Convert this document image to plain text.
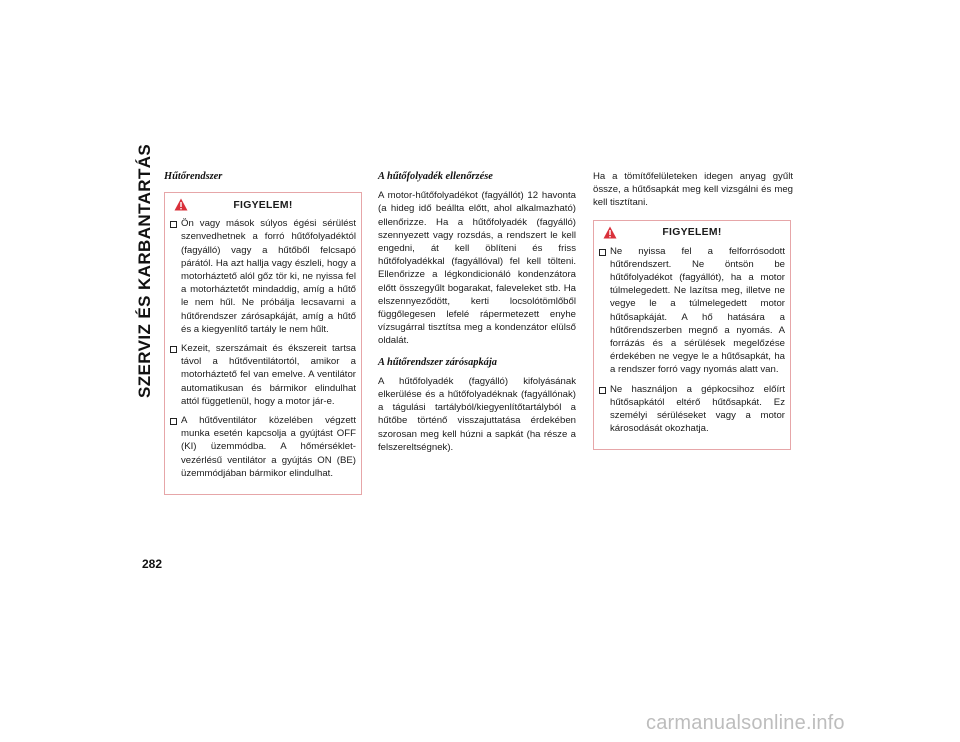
SZERVIZ ÉS KARBANTARTÁS Hűtőrendszer
FIGYELEM!
Ön vagy mások súlyos égési sérülést szenvedhetnek a forró hűtőfolyadéktól (fagyálló) vagy a hűtőből felcsapó párától. Ha azt hallja vagy észleli, hogy a motorháztető alól gőz tör ki, ne nyissa fel a motorháztetőt mindaddig, amíg a hűtő le nem hűl. Ne próbálja lecsavarni a hűtőrendszer zárósapkáját, amíg a hűtő és a kiegyenlítő tartály le nem hűlt.
Kezeit, szerszámait és ékszereit tartsa távol a hűtőventilátortól, amikor a motorháztető fel van emelve. A ventilátor automatikusan és bármikor elindulhat attól függetlenül, hogy a motor jár-e.
A hűtőventilátor közelében végzett munka esetén kapcsolja a gyújtást OFF (KI) üzemmódba. A hőmérséklet-vezérlésű ventilátor a gyújtás ON (BE) üzemmódjában bármikor elindulhat.
A hűtőfolyadék ellenőrzése
A motor-hűtőfolyadékot (fagyállót) 12 havonta (a hideg idő beállta előtt, ahol alkalmazható) ellenőrizze. Ha a hűtőfolyadék (fagyálló) szennyezett vagy rozsdás, a rendszert le kell engedni, át kell öblíteni és friss hűtőfolyadékkal (fagyállóval) fel kell tölteni. Ellenőrizze a légkondicionáló kondenzátora előtt összegyűlt bogarakat, faleveleket stb. Ha elszennyeződött, kerti locsolótömlőből függőlegesen lefelé rápermetezett enyhe vízsugárral tisztítsa meg a kondenzátor elülső oldalát.
A hűtőrendszer zárósapkája
A hűtőfolyadék (fagyálló) kifolyásának elkerülése és a hűtőfolyadéknak (fagyállónak) a tágulási tartályból/kiegyenlítőtartályból a hűtőbe történő visszajuttatása érdekében szorosan meg kell húzni a sapkát (ha része a felszereltségnek).
Ha a tömítőfelületeken idegen anyag gyűlt össze, a hűtősapkát meg kell vizsgálni és meg kell tisztítani.
FIGYELEM!
Ne nyissa fel a felforrósodott hűtőrendszert. Ne öntsön be hűtőfolyadékot (fagyállót), ha a motor túlmelegedett. Ne lazítsa meg, illetve ne vegye le a túlmelegedett motor hűtősapkáját. A hő hatására a hűtőrendszerben megnő a nyomás. A forrázás és a sérülések megelőzése érdekében ne vegye le a hűtősapkát, ha a rendszer forró vagy nyomás alatt van.
Ne használjon a gépkocsihoz előírt hűtősapkától eltérő hűtősapkát. Ez személyi sérüléseket vagy a motor károsodását okozhatja.
282
carmanualsonline.info
